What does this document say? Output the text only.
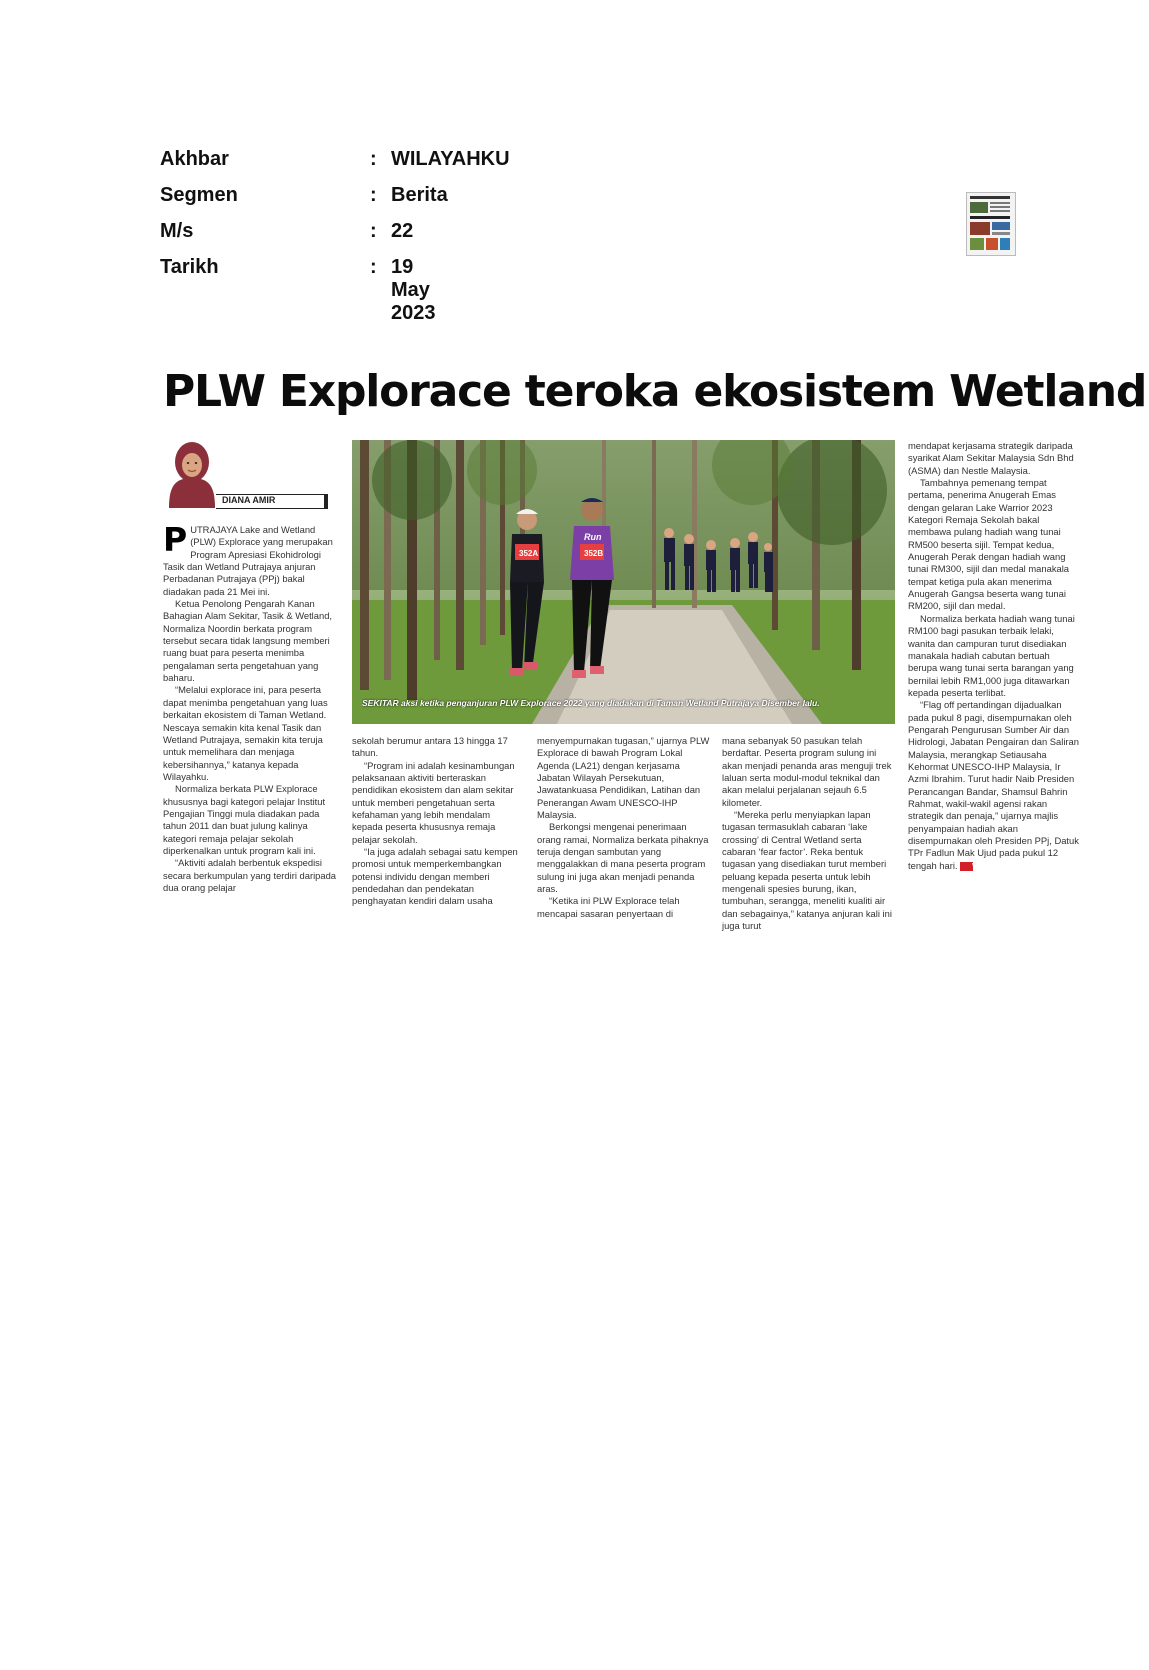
Akhbar	: WILAYAHKU
Segmen	: Berita
M/s	: 22
Tarikh	: 19 May 2023
PLW Explorace teroka ekosistem Wetland
DIANA AMIR
352A	352B
Run
SEKITAR aksi ketika penganjuran PLW Explorace 2022 yang diadakan di Taman Wetland Putrajaya Disember lalu.

PUTRAJAYA Lake and Wetland (PLW) Explorace yang merupakan Program Apresiasi Ekohidrologi Tasik dan Wetland Putrajaya anjuran Perbadanan Putrajaya (PPj) bakal diadakan pada 21 Mei ini.

Ketua Penolong Pengarah Kanan Bahagian Alam Sekitar, Tasik & Wetland, Normaliza Noordin berkata program tersebut secara tidak langsung memberi ruang buat para peserta menimba pengalaman serta pengetahuan yang baharu.

“Melalui explorace ini, para peserta dapat menimba pengetahuan yang luas berkaitan ekosistem di Taman Wetland. Nescaya semakin kita kenal Tasik dan Wetland Putrajaya, semakin kita teruja untuk memelihara dan menjaga kebersihannya,” katanya kepada Wilayahku.

Normaliza berkata PLW Explorace khususnya bagi kategori pelajar Institut Pengajian Tinggi mula diadakan pada tahun 2011 dan buat julung kalinya kategori remaja pelajar sekolah diperkenalkan untuk program kali ini.

“Aktiviti adalah berbentuk ekspedisi secara berkumpulan yang terdiri daripada dua orang pelajar

sekolah berumur antara 13 hingga 17 tahun.

“Program ini adalah kesinambungan pelaksanaan aktiviti berteraskan pendidikan ekosistem dan alam sekitar untuk memberi pengetahuan serta kefahaman yang lebih mendalam kepada peserta khususnya remaja pelajar sekolah.

“Ia juga adalah sebagai satu kempen promosi untuk memperkembangkan potensi individu dengan memberi pendedahan dan pendekatan penghayatan kendiri dalam usaha

menyempurnakan tugasan,” ujarnya PLW Explorace di bawah Program Lokal Agenda (LA21) dengan kerjasama Jabatan Wilayah Persekutuan, Jawatankuasa Pendidikan, Latihan dan Penerangan Awam UNESCO-IHP Malaysia.

Berkongsi mengenai penerimaan orang ramai, Normaliza berkata pihaknya teruja dengan sambutan yang menggalakkan di mana peserta program sulung ini juga akan menjadi penanda aras.

“Ketika ini PLW Explorace telah mencapai sasaran penyertaan di

mana sebanyak 50 pasukan telah berdaftar. Peserta program sulung ini akan menjadi penanda aras menguji trek laluan serta modul-modul teknikal dan akan melalui perjalanan sejauh 6.5 kilometer.

“Mereka perlu menyiapkan lapan tugasan termasuklah cabaran ‘lake crossing’ di Central Wetland serta cabaran ‘fear factor’. Reka bentuk tugasan yang disediakan turut memberi peluang kepada peserta untuk lebih mengenali spesies burung, ikan, tumbuhan, serangga, meneliti kualiti air dan sebagainya,” katanya anjuran kali ini juga turut

mendapat kerjasama strategik daripada syarikat Alam Sekitar Malaysia Sdn Bhd (ASMA) dan Nestle Malaysia.

Tambahnya pemenang tempat pertama, penerima Anugerah Emas dengan gelaran Lake Warrior 2023 Kategori Remaja Sekolah bakal membawa pulang hadiah wang tunai RM500 beserta sijil. Tempat kedua, Anugerah Perak dengan hadiah wang tunai RM300, sijil dan medal manakala tempat ketiga pula akan menerima Anugerah Gangsa beserta wang tunai RM200, sijil dan medal.

Normaliza berkata hadiah wang tunai RM100 bagi pasukan terbaik lelaki, wanita dan campuran turut disediakan manakala hadiah cabutan bertuah berupa wang tunai serta barangan yang bernilai lebih RM1,000 juga ditawarkan kepada peserta terlibat.

“Flag off pertandingan dijadualkan pada pukul 8 pagi, disempurnakan oleh Pengarah Pengurusan Sumber Air dan Hidrologi, Jabatan Pengairan dan Saliran Malaysia, merangkap Setiausaha Kehormat UNESCO-IHP Malaysia, Ir Azmi Ibrahim. Turut hadir Naib Presiden Perancangan Bandar, Shamsul Bahrin Rahmat, wakil-wakil agensi rakan strategik dan penaja,” ujarnya majlis penyampaian hadiah akan disempurnakan oleh Presiden PPj, Datuk TPr Fadlun Mak Ujud pada pukul 12 tengah hari. W
